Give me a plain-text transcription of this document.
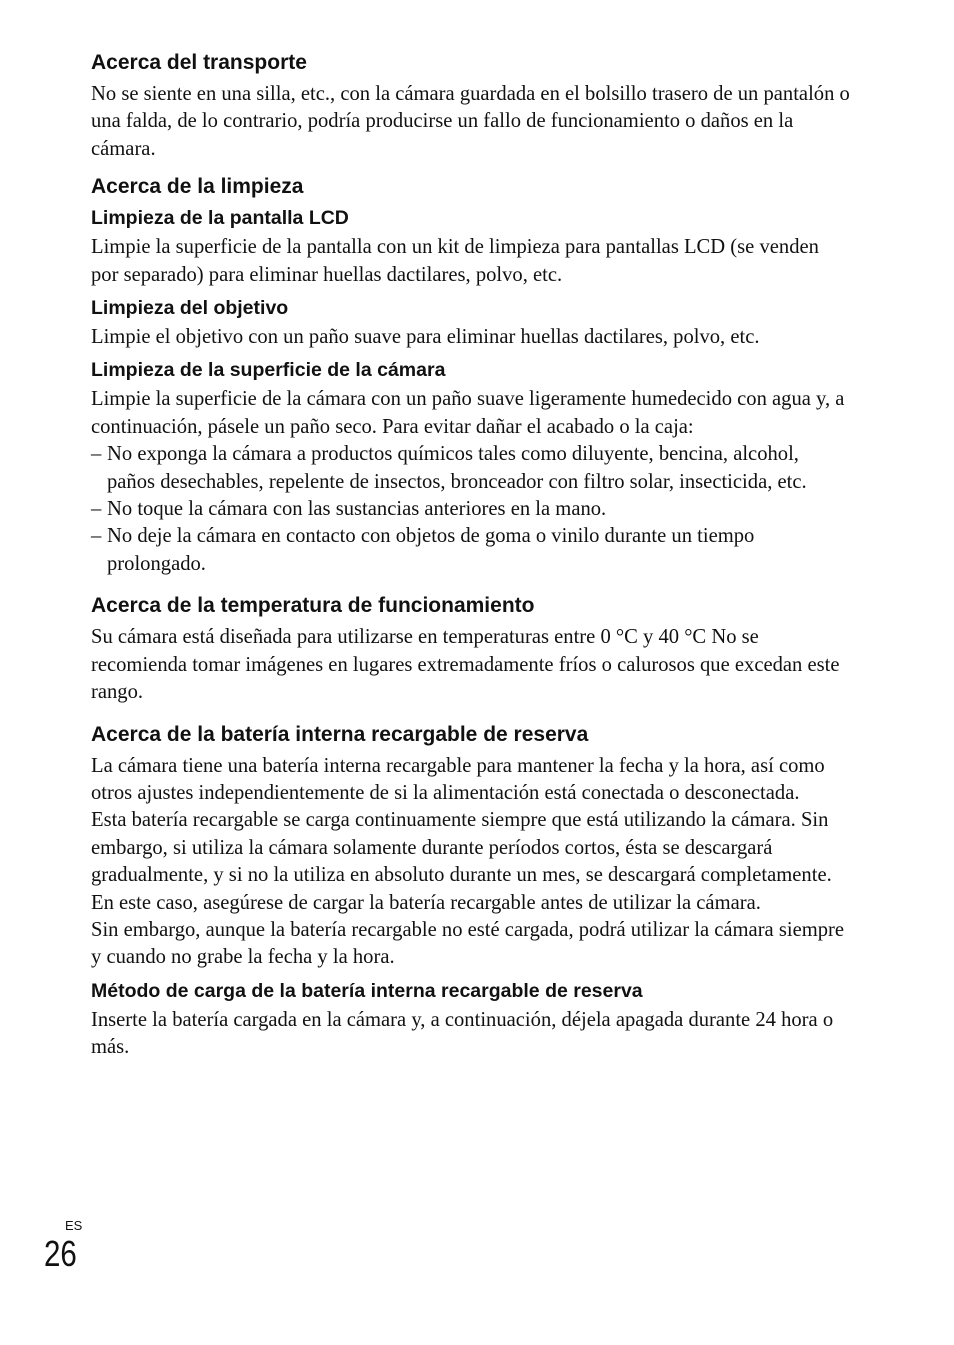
Acerca del transporte

No se siente en una silla, etc., con la cámara guardada en el bolsillo trasero de un pantalón o una falda, de lo contrario, podría producirse un fallo de funcionamiento o daños en la cámara.

Acerca de la limpieza
Limpieza de la pantalla LCD

Limpie la superficie de la pantalla con un kit de limpieza para pantallas LCD (se venden por separado) para eliminar huellas dactilares, polvo, etc.

Limpieza del objetivo

Limpie el objetivo con un paño suave para eliminar huellas dactilares, polvo, etc.

Limpieza de la superficie de la cámara

Limpie la superficie de la cámara con un paño suave ligeramente humedecido con agua y, a continuación, pásele un paño seco. Para evitar dañar el acabado o la caja:

– No exponga la cámara a productos químicos tales como diluyente, bencina, alcohol, paños desechables, repelente de insectos, bronceador con filtro solar, insecticida, etc.
– No toque la cámara con las sustancias anteriores en la mano.
– No deje la cámara en contacto con objetos de goma o vinilo durante un tiempo prolongado.
Acerca de la temperatura de funcionamiento

Su cámara está diseñada para utilizarse en temperaturas entre 0 °C y 40 °C No se recomienda tomar imágenes en lugares extremadamente fríos o calurosos que excedan este rango.

Acerca de la batería interna recargable de reserva

La cámara tiene una batería interna recargable para mantener la fecha y la hora, así como otros ajustes independientemente de si la alimentación está conectada o desconectada.

Esta batería recargable se carga continuamente siempre que está utilizando la cámara. Sin embargo, si utiliza la cámara solamente durante períodos cortos, ésta se descargará gradualmente, y si no la utiliza en absoluto durante un mes, se descargará completamente. En este caso, asegúrese de cargar la batería recargable antes de utilizar la cámara.

Sin embargo, aunque la batería recargable no esté cargada, podrá utilizar la cámara siempre y cuando no grabe la fecha y la hora.

Método de carga de la batería interna recargable de reserva

Inserte la batería cargada en la cámara y, a continuación, déjela apagada durante 24 hora o más.

ES
26
